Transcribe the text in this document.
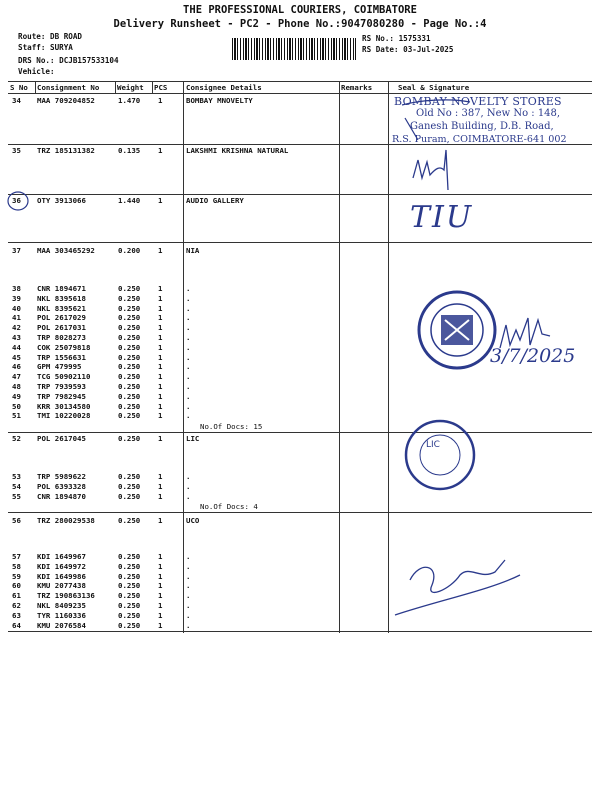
THE PROFESSIONAL COURIERS, COIMBATORE
Delivery Runsheet - PC2 - Phone No.:9047080280 - Page No.:4
Route: DB ROAD
Staff: SURYA
DRS No.: DCJB157533104
Vehicle:
RS No.: 1575331
RS Date: 03-Jul-2025
S No Consignment No Weight PCS	Consignee Details	Remarks	Seal & Signature
34 MAA 709204852	1.470 1	BOMBAY MNOVELTY
35 TRZ 185131382	0.135 1	LAKSHMI KRISHNA NATURAL
36 OTY 3913066	1.440 1	AUDIO GALLERY
37 MAA 303465292	0.200 1	NIA
38 CNR 1894671	0.250 1	.
39 NKL 8395618	0.250 1	.
40 NKL 8395621	0.250 1	.
41 POL 2617029	0.250 1	.
42 POL 2617031	0.250 1	.
43 TRP 8028273	0.250 1	.
44 COK 25079818	0.250 1	.
45 TRP 1556631	0.250 1	.
46 GPM 479995	0.250 1	.
47 TCG 50902110	0.250 1	.
48 TRP 7939593	0.250 1	.
49 TRP 7982945	0.250 1	.
50 KRR 30134580	0.250 1	.
51 TMI 10220028	0.250 1	.
No.Of Docs: 15
52 POL 2617045	0.250 1	LIC
53 TRP 5989622	0.250 1	.
54 POL 6393328	0.250 1	.
55 CNR 1894870	0.250 1	.
No.Of Docs: 4
56 TRZ 280029538	0.250 1	UCO
57 KDI 1649967	0.250 1	.
58 KDI 1649972	0.250 1	.
59 KDI 1649986	0.250 1	.
60 KMU 2077438	0.250 1	.
61 TRZ 190863136	0.250 1	.
62 NKL 8409235	0.250 1	.
63 TYR 1160336	0.250 1	.
64 KMU 2076584	0.250 1	.
BOMBAY NOVELTY STORES
Old No : 387, New No : 148,
Ganesh Building, D.B. Road,
R.S. Puram, COIMBATORE-641 002
LIC
TIU
3/7/2025
